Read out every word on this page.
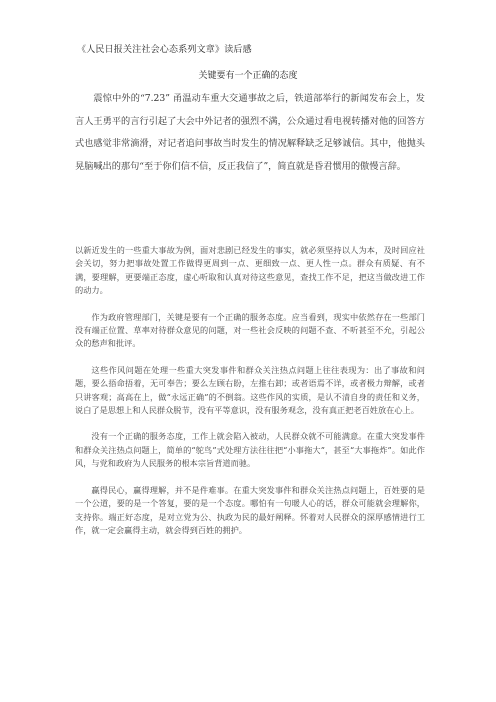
《人民日报关注社会心态系列文章》读后感
关键要有一个正确的态度

震惊中外的“7.23” 甬温动车重大交通事故之后，铁道部举行的新闻发布会上，发言人王勇平的言行引起了大会中外记者的强烈不满，公众通过看电视转播对他的回答方式也感觉非常滴滑，对记者追问事故当时发生的情况解释缺乏足够诚信。其中，他抛头晃脑喊出的那句“至于你们信不信，反正我信了”，简直就是昏君惯用的傲慢言辞。

以新近发生的一些重大事故为例，面对悲剧已经发生的事实，就必须坚持以人为本，及时回应社会关切，努力把事故处置工作做得更周到一点、更细致一点、更人性一点。群众有质疑、有不满，要理解，更要端正态度，虚心听取和认真对待这些意见，查找工作不足，把这当做改进工作的动力。

作为政府管理部门，关键是要有一个正确的服务态度。应当看到，现实中依然存在一些部门没有端正位置、草率对待群众意见的问题，对一些社会反映的问题不查、不听甚至不允，引起公众的愁声和批评。

这些作风问题在处理一些重大突发事件和群众关注热点问题上往往表现为：出了事故和问题，要么捂命捂着，无可奉告；要么左顾右盼，左推右卸；或者语焉不详，或者极力辩解，或者只讲客观；高高在上，做“永远正确”的不倒翁。这些作风的实质，是认不清自身的责任和义务，说白了是思想上和人民群众脱节，没有平等意识，没有服务观念，没有真正把老百姓放在心上。

没有一个正确的服务态度，工作上就会陷入被动，人民群众就不可能满意。在重大突发事件和群众关注热点问题上，简单的“鸵鸟”式处理方法往往把“小事拖大”，甚至“大事拖炸”。如此作风，与党和政府为人民服务的根本宗旨背道而驰。

赢得民心，赢得理解，并不是件难事。在重大突发事件和群众关注热点问题上，百姓要的是一个公道，要的是一个答复，要的是一个态度。哪怕有一句暖人心的话，群众可能就会理解你，支持你。端正好态度，是对立党为公、执政为民的最好阐释。怀着对人民群众的深厚感情进行工作，就一定会赢得主动，就会得到百姓的拥护。
